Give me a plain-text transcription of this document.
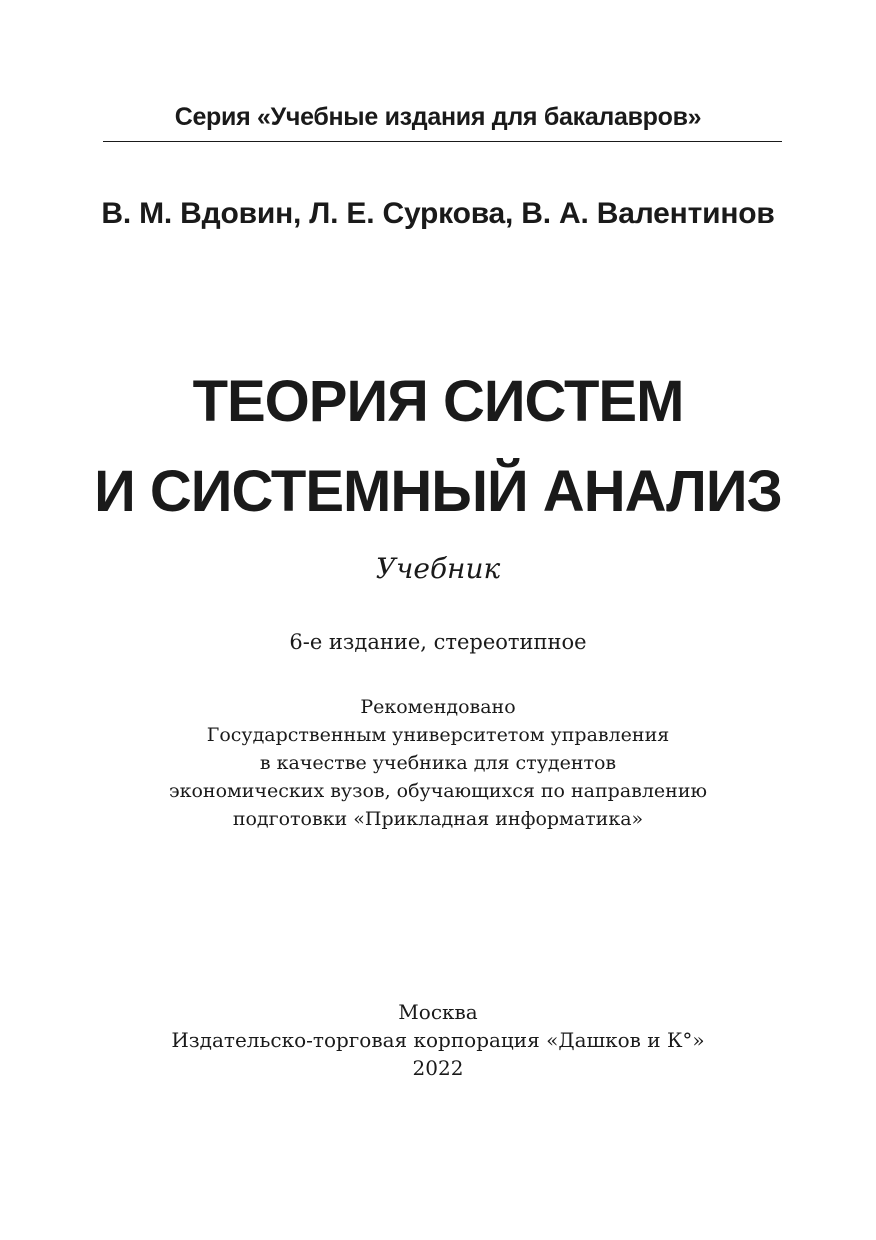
Серия «Учебные издания для бакалавров»
В. М. Вдовин, Л. Е. Суркова, В. А. Валентинов
ТЕОРИЯ СИСТЕМ
И СИСТЕМНЫЙ АНАЛИЗ
Учебник
6-е издание, стереотипное
Рекомендовано
Государственным университетом управления
в качестве учебника для студентов
экономических вузов, обучающихся по направлению
подготовки «Прикладная информатика»
Москва
Издательско-торговая корпорация «Дашков и К°»
2022
